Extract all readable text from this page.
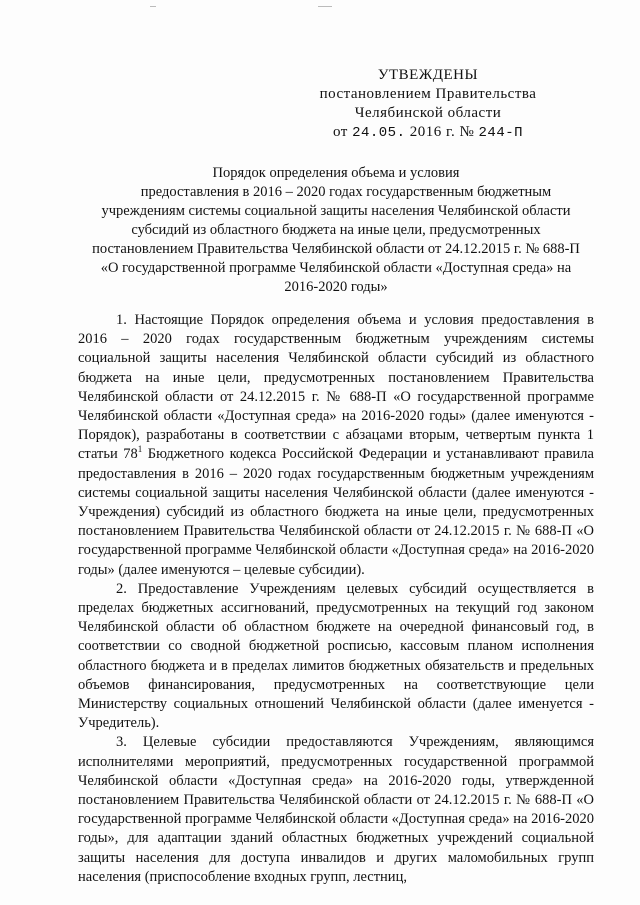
УТВЕЖДЕНЫ
постановлением Правительства
Челябинской области
от 24.05. 2016 г. № 244-П
Порядок определения объема и условия
предоставления в 2016 – 2020 годах государственным бюджетным
учреждениям системы социальной защиты населения Челябинской области
субсидий из областного бюджета на иные цели, предусмотренных
постановлением Правительства Челябинской области от 24.12.2015 г. № 688-П
«О государственной программе Челябинской области «Доступная среда» на
2016-2020 годы»

1. Настоящие Порядок определения объема и условия предоставления в 2016 – 2020 годах государственным бюджетным учреждениям системы социальной защиты населения Челябинской области субсидий из областного бюджета на иные цели, предусмотренных постановлением Правительства Челябинской области от 24.12.2015 г. № 688-П «О государственной программе Челябинской области «Доступная среда» на 2016-2020 годы» (далее именуются - Порядок), разработаны в соответствии с абзацами вторым, четвертым пункта 1 статьи $78^1$ Бюджетного кодекса Российской Федерации и устанавливают правила предоставления в 2016 – 2020 годах государственным бюджетным учреждениям системы социальной защиты населения Челябинской области (далее именуются - Учреждения) субсидий из областного бюджета на иные цели, предусмотренных постановлением Правительства Челябинской области от 24.12.2015 г. № 688-П «О государственной программе Челябинской области «Доступная среда» на 2016-2020 годы» (далее именуются – целевые субсидии).

2. Предоставление Учреждениям целевых субсидий осуществляется в пределах бюджетных ассигнований, предусмотренных на текущий год законом Челябинской области об областном бюджете на очередной финансовый год, в соответствии со сводной бюджетной росписью, кассовым планом исполнения областного бюджета и в пределах лимитов бюджетных обязательств и предельных объемов финансирования, предусмотренных на соответствующие цели Министерству социальных отношений Челябинской области (далее именуется - Учредитель).

3. Целевые субсидии предоставляются Учреждениям, являющимся исполнителями мероприятий, предусмотренных государственной программой Челябинской области «Доступная среда» на 2016-2020 годы, утвержденной постановлением Правительства Челябинской области от 24.12.2015 г. № 688-П «О государственной программе Челябинской области «Доступная среда» на 2016-2020 годы», для адаптации зданий областных бюджетных учреждений социальной защиты населения для доступа инвалидов и других маломобильных групп населения (приспособление входных групп, лестниц,
